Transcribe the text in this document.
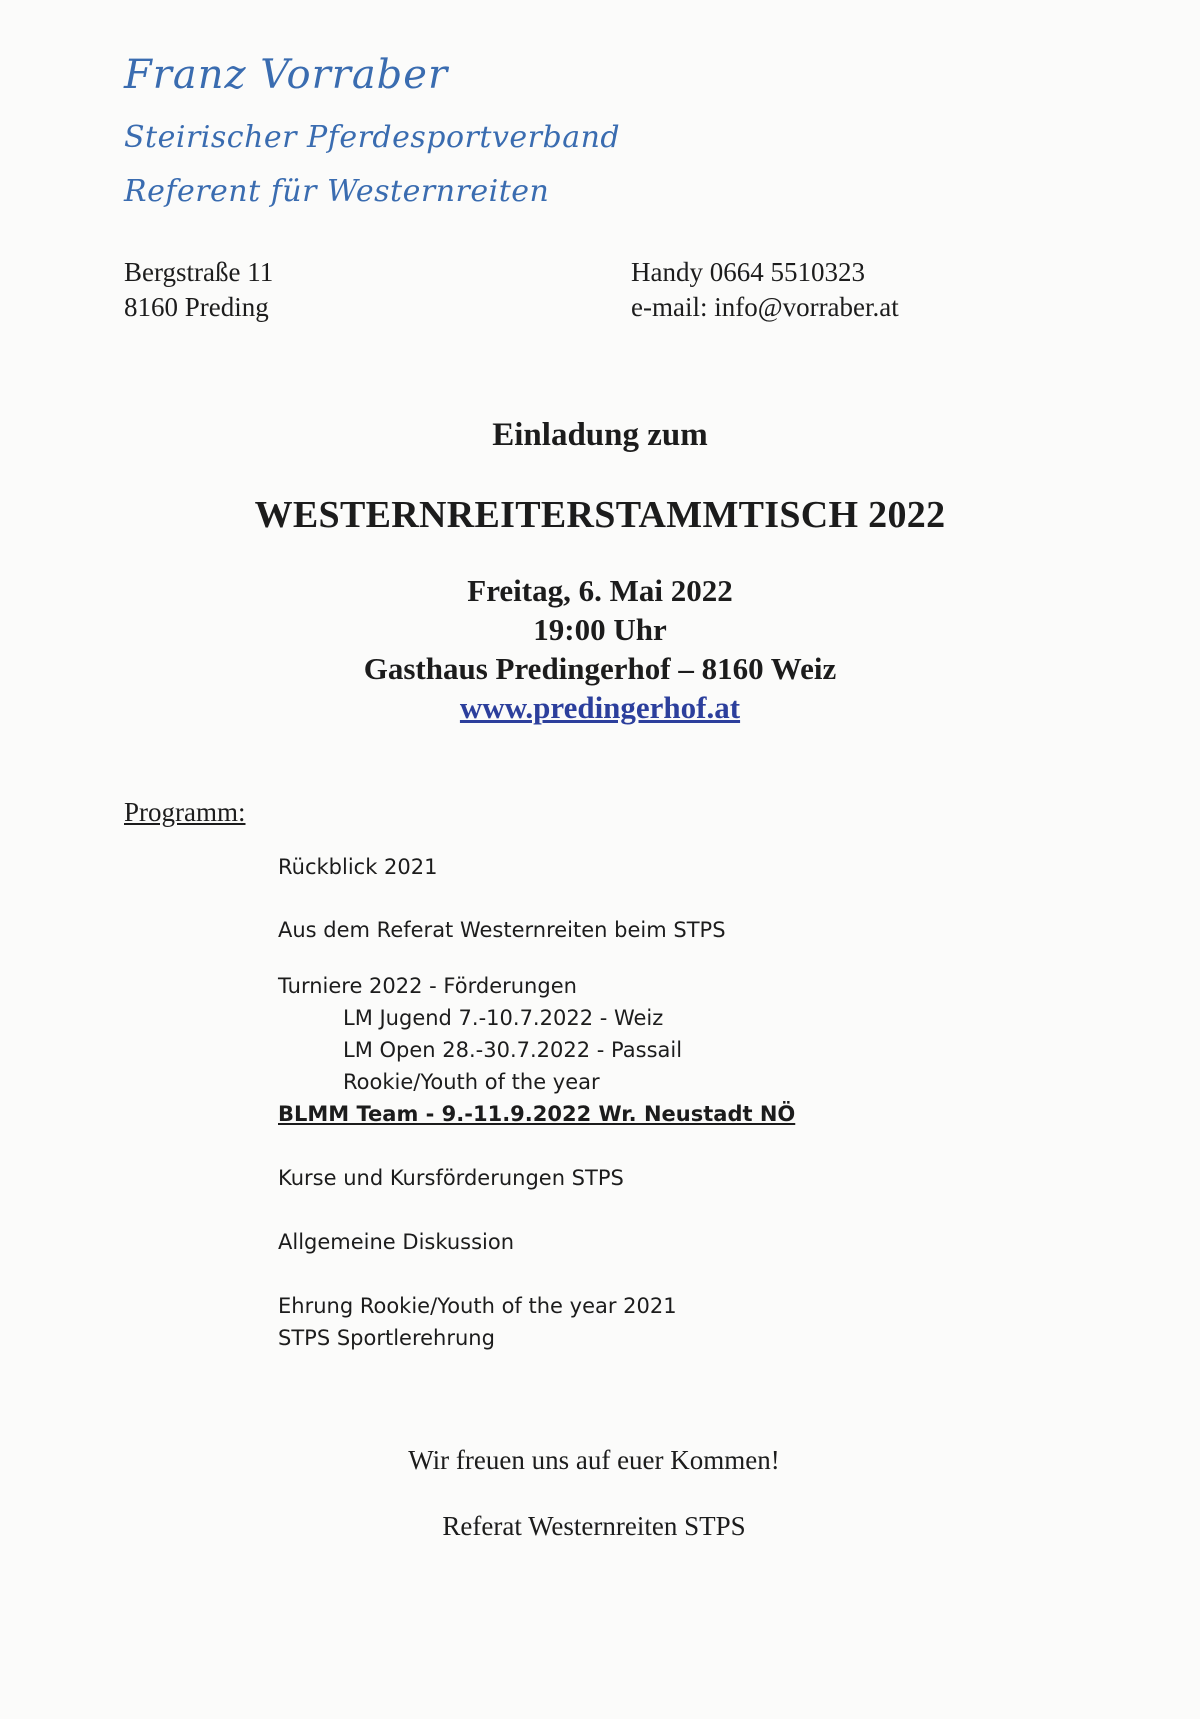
Franz Vorraber
Steirischer Pferdesportverband
Referent für Westernreiten
Bergstraße 11
8160 Preding
Handy 0664 5510323
e-mail: info@vorraber.at
Einladung zum
WESTERNREITERSTAMMTISCH 2022
Freitag, 6. Mai 2022
19:00 Uhr
Gasthaus Predingerhof – 8160 Weiz
www.predingerhof.at
Programm:
Rückblick 2021
Aus dem Referat Westernreiten beim STPS
Turniere 2022 - Förderungen
LM Jugend 7.-10.7.2022 - Weiz
LM Open 28.-30.7.2022 - Passail
Rookie/Youth of the year
BLMM Team - 9.-11.9.2022 Wr. Neustadt NÖ
Kurse und Kursförderungen STPS
Allgemeine Diskussion
Ehrung Rookie/Youth of the year 2021
STPS Sportlerehrung
Wir freuen uns auf euer Kommen!
Referat Westernreiten STPS
